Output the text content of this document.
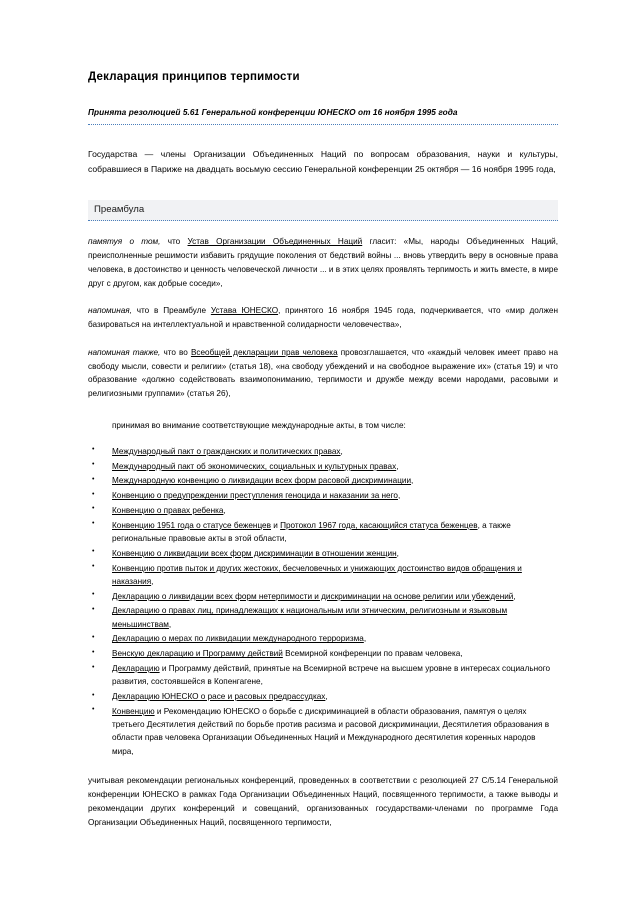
Декларация принципов терпимости
Принята резолюцией 5.61 Генеральной конференции ЮНЕСКО от 16 ноября 1995 года

Государства — члены Организации Объединенных Наций по вопросам образования, науки и культуры, собравшиеся в Париже на двадцать восьмую сессию Генеральной конференции 25 октября — 16 ноября 1995 года,

Преамбула

памятуя о том, что Устав Организации Объединенных Наций гласит: «Мы, народы Объединенных Наций, преисполненные решимости избавить грядущие поколения от бедствий войны ... вновь утвердить веру в основные права человека, в достоинство и ценность человеческой личности ... и в этих целях проявлять терпимость и жить вместе, в мире друг с другом, как добрые соседи»,

напоминая, что в Преамбуле Устава ЮНЕСКО, принятого 16 ноября 1945 года, подчеркивается, что «мир должен базироваться на интеллектуальной и нравственной солидарности человечества»,

напоминая также, что во Всеобщей декларации прав человека провозглашается, что «каждый человек имеет право на свободу мысли, совести и религии» (статья 18), «на свободу убеждений и на свободное выражение их» (статья 19) и что образование «должно содействовать взаимопониманию, терпимости и дружбе между всеми народами, расовыми и религиозными группами» (статья 26),

принимая во внимание соответствующие международные акты, в том числе:

• Международный пакт о гражданских и политических правах,
• Международный пакт об экономических, социальных и культурных правах,
• Международную конвенцию о ликвидации всех форм расовой дискриминации,
• Конвенцию о предупреждении преступления геноцида и наказании за него,
• Конвенцию о правах ребенка,
• Конвенцию 1951 года о статусе беженцев и Протокол 1967 года, касающийся статуса беженцев, а также региональные правовые акты в этой области,
• Конвенцию о ликвидации всех форм дискриминации в отношении женщин,
• Конвенцию против пыток и других жестоких, бесчеловечных и унижающих достоинство видов обращения и наказания,
• Декларацию о ликвидации всех форм нетерпимости и дискриминации на основе религии или убеждений,
• Декларацию о правах лиц, принадлежащих к национальным или этническим, религиозным и языковым меньшинствам,
• Декларацию о мерах по ликвидации международного терроризма,
• Венскую декларацию и Программу действий Всемирной конференции по правам человека,
• Декларацию и Программу действий, принятые на Всемирной встрече на высшем уровне в интересах социального развития, состоявшейся в Копенгагене,
• Декларацию ЮНЕСКО о расе и расовых предрассудках,
• Конвенцию и Рекомендацию ЮНЕСКО о борьбе с дискриминацией в области образования, памятуя о целях третьего Десятилетия действий по борьбе против расизма и расовой дискриминации, Десятилетия образования в области прав человека Организации Объединенных Наций и Международного десятилетия коренных народов мира,

учитывая рекомендации региональных конференций, проведенных в соответствии с резолюцией 27 C/5.14 Генеральной конференции ЮНЕСКО в рамках Года Организации Объединенных Наций, посвященного терпимости, а также выводы и рекомендации других конференций и совещаний, организованных государствами-членами по программе Года Организации Объединенных Наций, посвященного терпимости,
